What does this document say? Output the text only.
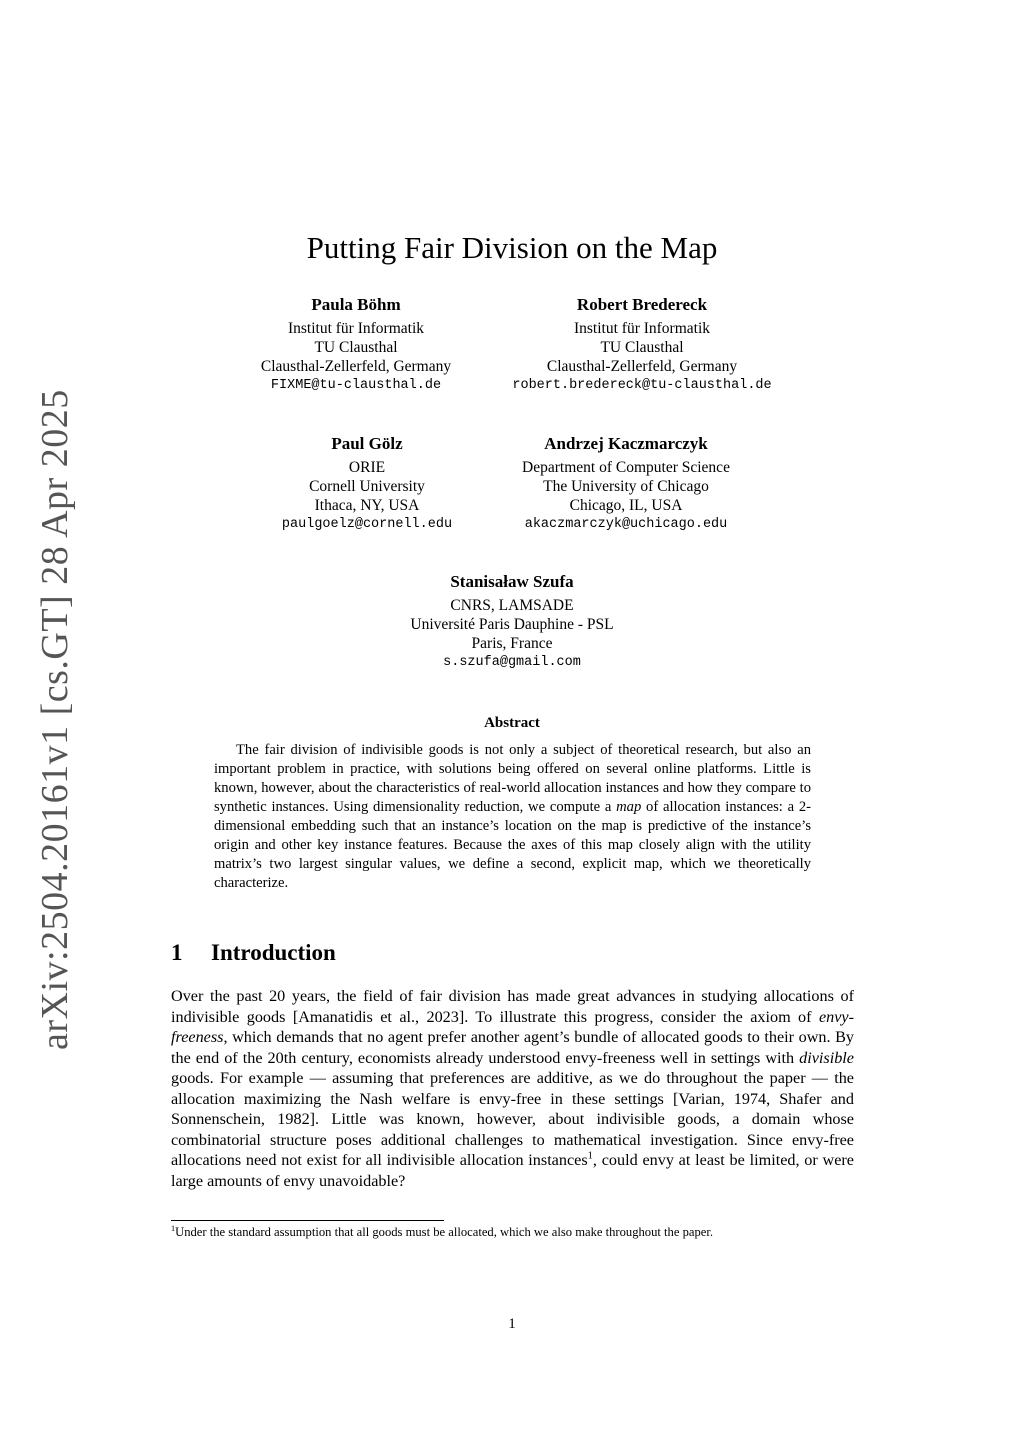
arXiv:2504.20161v1 [cs.GT] 28 Apr 2025
Putting Fair Division on the Map
Paula Böhm
Institut für Informatik
TU Clausthal
Clausthal-Zellerfeld, Germany
FIXME@tu-clausthal.de
Robert Bredereck
Institut für Informatik
TU Clausthal
Clausthal-Zellerfeld, Germany
robert.bredereck@tu-clausthal.de
Paul Gölz
ORIE
Cornell University
Ithaca, NY, USA
paulgoelz@cornell.edu
Andrzej Kaczmarczyk
Department of Computer Science
The University of Chicago
Chicago, IL, USA
akaczmarczyk@uchicago.edu
Stanisaław Szufa
CNRS, LAMSADE
Université Paris Dauphine - PSL
Paris, France
s.szufa@gmail.com
Abstract
The fair division of indivisible goods is not only a subject of theoretical research, but also an important problem in practice, with solutions being offered on several online platforms. Little is known, however, about the characteristics of real-world allocation instances and how they compare to synthetic instances. Using dimensionality reduction, we compute a map of allocation instances: a 2-dimensional embedding such that an instance’s location on the map is predictive of the instance’s origin and other key instance features. Because the axes of this map closely align with the utility matrix’s two largest singular values, we define a second, explicit map, which we theoretically characterize.
1 Introduction
Over the past 20 years, the field of fair division has made great advances in studying allocations of indivisible goods [Amanatidis et al., 2023]. To illustrate this progress, consider the axiom of envy-freeness, which demands that no agent prefer another agent’s bundle of allocated goods to their own. By the end of the 20th century, economists already understood envy-freeness well in settings with divisible goods. For example — assuming that preferences are additive, as we do throughout the paper — the allocation maximizing the Nash welfare is envy-free in these settings [Varian, 1974, Shafer and Sonnenschein, 1982]. Little was known, however, about indivisible goods, a domain whose combinatorial structure poses additional challenges to mathematical investigation. Since envy-free allocations need not exist for all indivisible allocation instances$^1$, could envy at least be limited, or were large amounts of envy unavoidable?
$^1$Under the standard assumption that all goods must be allocated, which we also make throughout the paper.
1
